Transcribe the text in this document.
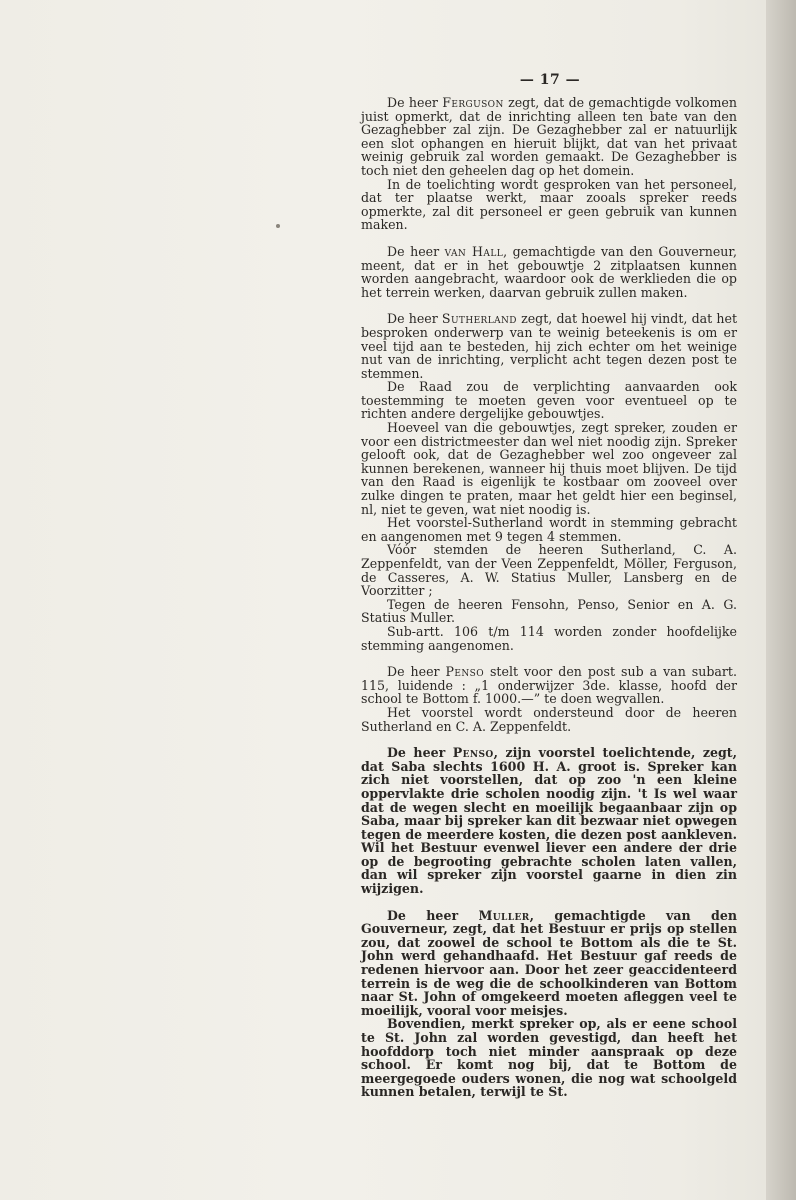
— 17 —

De heer Ferguson zegt, dat de gemachtigde volkomen juist opmerkt, dat de inrichting alleen ten bate van den Gezaghebber zal zijn. De Gezaghebber zal er natuurlijk een slot ophangen en hieruit blijkt, dat van het privaat weinig gebruik zal worden gemaakt. De Gezaghebber is toch niet den geheelen dag op het domein.

In de toelichting wordt gesproken van het personeel, dat ter plaatse werkt, maar zooals spreker reeds opmerkte, zal dit personeel er geen gebruik van kunnen maken.

De heer van Hall, gemachtigde van den Gouverneur, meent, dat er in het gebouwtje 2 zitplaatsen kunnen worden aangebracht, waardoor ook de werklieden die op het terrein werken, daarvan gebruik zullen maken.

De heer Sutherland zegt, dat hoewel hij vindt, dat het besproken onderwerp van te weinig beteekenis is om er veel tijd aan te besteden, hij zich echter om het weinige nut van de inrichting, verplicht acht tegen dezen post te stemmen.

De Raad zou de verplichting aanvaarden ook toestemming te moeten geven voor eventueel op te richten andere dergelijke gebouwtjes.

Hoeveel van die gebouwtjes, zegt spreker, zouden er voor een districtmeester dan wel niet noodig zijn. Spreker gelooft ook, dat de Gezaghebber wel zoo ongeveer zal kunnen berekenen, wanneer hij thuis moet blijven. De tijd van den Raad is eigenlijk te kostbaar om zooveel over zulke dingen te praten, maar het geldt hier een beginsel, nl, niet te geven, wat niet noodig is.

Het voorstel-Sutherland wordt in stemming gebracht en aangenomen met 9 tegen 4 stemmen.

Vóór stemden de heeren Sutherland, C. A. Zeppenfeldt, van der Veen Zeppenfeldt, Möller, Ferguson, de Casseres, A. W. Statius Muller, Lansberg en de Voorzitter ;

Tegen de heeren Fensohn, Penso, Senior en A. G. Statius Muller.

Sub-artt. 106 t/m 114 worden zonder hoofdelijke stemming aangenomen.

De heer Penso stelt voor den post sub a van subart. 115, luidende : „1 onderwijzer 3de. klasse, hoofd der school te Bottom f. 1000.—” te doen wegvallen.

Het voorstel wordt ondersteund door de heeren Sutherland en C. A. Zeppenfeldt.

De heer Penso, zijn voorstel toelichtende, zegt, dat Saba slechts 1600 H. A. groot is. Spreker kan zich niet voorstellen, dat op zoo 'n een kleine oppervlakte drie scholen noodig zijn. 't Is wel waar dat de wegen slecht en moeilijk begaanbaar zijn op Saba, maar bij spreker kan dit bezwaar niet opwegen tegen de meerdere kosten, die dezen post aankleven. Wil het Bestuur evenwel liever een andere der drie op de begrooting gebrachte scholen laten vallen, dan wil spreker zijn voorstel gaarne in dien zin wijzigen.

De heer Muller, gemachtigde van den Gouverneur, zegt, dat het Bestuur er prijs op stellen zou, dat zoowel de school te Bottom als die te St. John werd gehandhaafd. Het Bestuur gaf reeds de redenen hiervoor aan. Door het zeer geaccidenteerd terrein is de weg die de schoolkinderen van Bottom naar St. John of omgekeerd moeten afleggen veel te moeilijk, vooral voor meisjes.

Bovendien, merkt spreker op, als er eene school te St. John zal worden gevestigd, dan heeft het hoofddorp toch niet minder aanspraak op deze school. Er komt nog bij, dat te Bottom de meergegoede ouders wonen, die nog wat schoolgeld kunnen betalen, terwijl te St.
